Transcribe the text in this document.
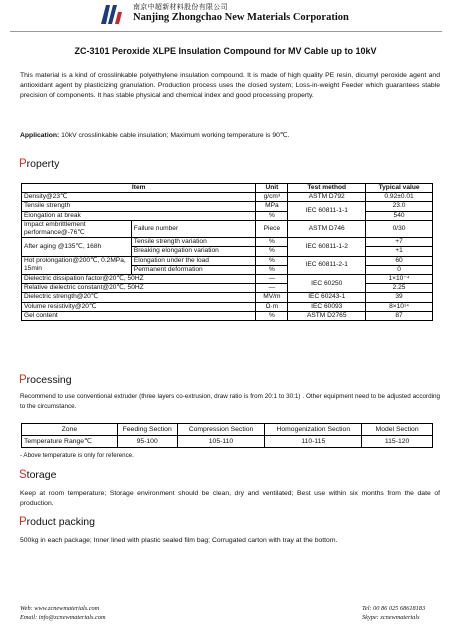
南京中超新材料股份有限公司
Nanjing Zhongchao New Materials Corporation
ZC-3101 Peroxide XLPE Insulation Compound for MV Cable up to 10kV
This material is a kind of crosslinkable polyethylene insulation compound. It is made of high quality PE resin, dicumyl peroxide agent and antioxidant agent by plasticizing granulation. Production process uses the closed system; Loss-in-weight Feeder which guarantees stable precision of components. It has stable physical and chemical index and good processing property.
Application: 10kV crosslinkable cable insulation; Maximum working temperature is 90℃.
Property
Item		Unit	Test method	Typical value
Density@23℃		g/cm³	ASTM D792	0.92±0.01
Tensile strength		MPa	IEC 60811-1-1	23.0
Elongation at break		%		540
Impact embrittlement performance@-76℃	Failure number	Piece	ASTM D746	0/30
After aging @135℃, 168h	Tensile strength variation	%	IEC 60811-1-2	+7
	Breaking elongation variation	%		+1
Hot prolongation@200℃, 0.2MPa, 15min	Elongation under the load	%	IEC 60811-2-1	60
	Permanent deformation	%		0
Dielectric dissipation factor@20℃, 50HZ		—	IEC 60250	1×10⁻⁴
Relative dielectric constant@20℃, 50HZ		—		2.25
Dielectric strength@20℃		MV/m	IEC 60243-1	39
Volume resistivity@20℃		Ω·m	IEC 60093	8×10¹⁴
Gel content		%	ASTM D2765	87
Processing
Recommend to use conventional extruder (three layers co-extrusion, draw ratio is from 20:1 to 30:1) . Other equipment need to be adjusted according to the circumstance.
Zone	Feeding Section	Compression Section	Homogenization Section	Model Section
Temperature Range℃	95-100	105-110	110-115	115-120
- Above temperature is only for reference.
Storage
Keep at room temperature; Storage environment should be clean, dry and ventilated; Best use within six months from the date of production.
Product packing
500kg in each package; Inner lined with plastic sealed film bag; Corrugated carton with tray at the bottom.
Web: www.zcnewmaterials.com
Email: info@zcnewmaterials.com
Tel: 00 86 025 68618183
Skype: zcnewmaterials
